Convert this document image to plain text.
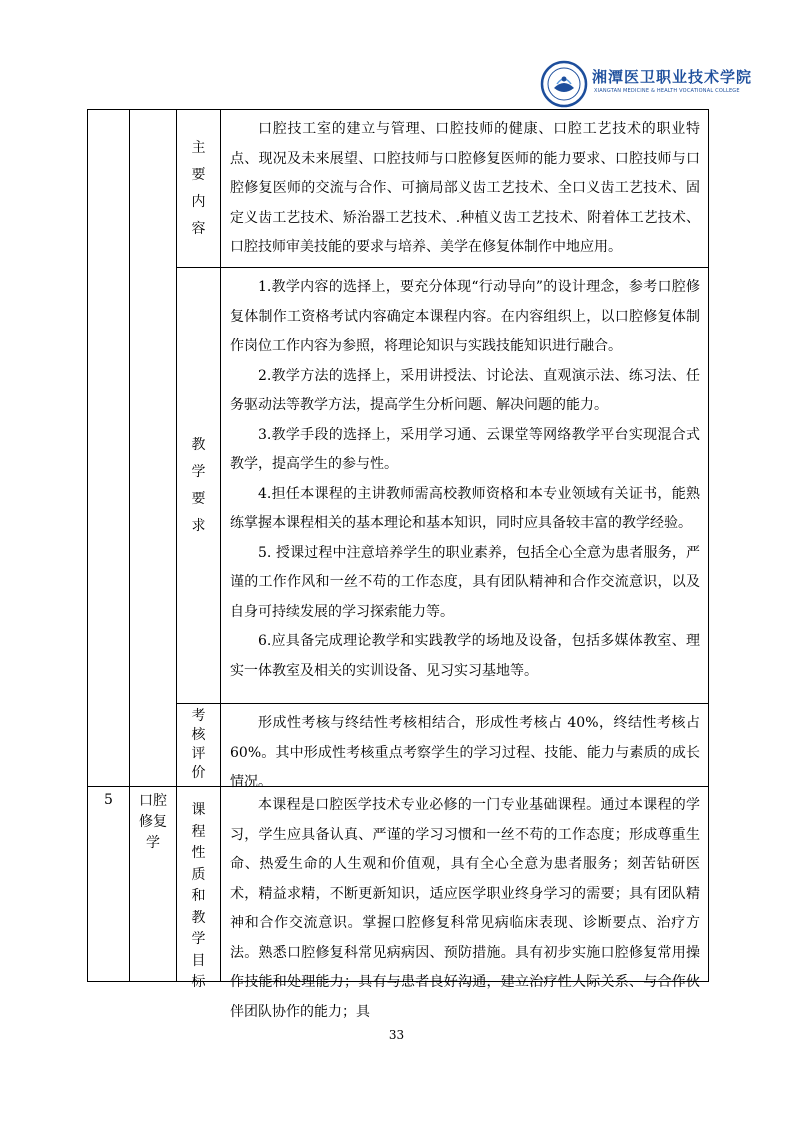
湘潭医卫职业技术学院
XIANGTAN MEDICINE & HEALTH VOCATIONAL COLLEGE
主
要
内
容

口腔技工室的建立与管理、口腔技师的健康、口腔工艺技术的职业特点、现况及未来展望、口腔技师与口腔修复医师的能力要求、口腔技师与口腔修复医师的交流与合作、可摘局部义齿工艺技术、全口义齿工艺技术、固定义齿工艺技术、矫治器工艺技术、.种植义齿工艺技术、附着体工艺技术、口腔技师审美技能的要求与培养、美学在修复体制作中地应用。

教
学
要
求

1.教学内容的选择上，要充分体现“行动导向”的设计理念，参考口腔修复体制作工资格考试内容确定本课程内容。在内容组织上，以口腔修复体制作岗位工作内容为参照，将理论知识与实践技能知识进行融合。

2.教学方法的选择上，采用讲授法、讨论法、直观演示法、练习法、任务驱动法等教学方法，提高学生分析问题、解决问题的能力。

3.教学手段的选择上，采用学习通、云课堂等网络教学平台实现混合式教学，提高学生的参与性。

4.担任本课程的主讲教师需高校教师资格和本专业领域有关证书，能熟练掌握本课程相关的基本理论和基本知识，同时应具备较丰富的教学经验。

5. 授课过程中注意培养学生的职业素养，包括全心全意为患者服务，严谨的工作作风和一丝不苟的工作态度，具有团队精神和合作交流意识，以及自身可持续发展的学习探索能力等。

6.应具备完成理论教学和实践教学的场地及设备，包括多媒体教室、理实一体教室及相关的实训设备、见习实习基地等。

考
核
评
价

形成性考核与终结性考核相结合，形成性考核占 40%，终结性考核占 60%。其中形成性考核重点考察学生的学习过程、技能、能力与素质的成长情况。

5	口腔
修复
学
课
程
性
质
和
教
学
目
标

本课程是口腔医学技术专业必修的一门专业基础课程。通过本课程的学习，学生应具备认真、严谨的学习习惯和一丝不苟的工作态度；形成尊重生命、热爱生命的人生观和价值观，具有全心全意为患者服务；刻苦钻研医术，精益求精，不断更新知识，适应医学职业终身学习的需要；具有团队精神和合作交流意识。掌握口腔修复科常见病临床表现、诊断要点、治疗方法。熟悉口腔修复科常见病病因、预防措施。具有初步实施口腔修复常用操作技能和处理能力；具有与患者良好沟通，建立治疗性人际关系、与合作伙伴团队协作的能力；具

33
